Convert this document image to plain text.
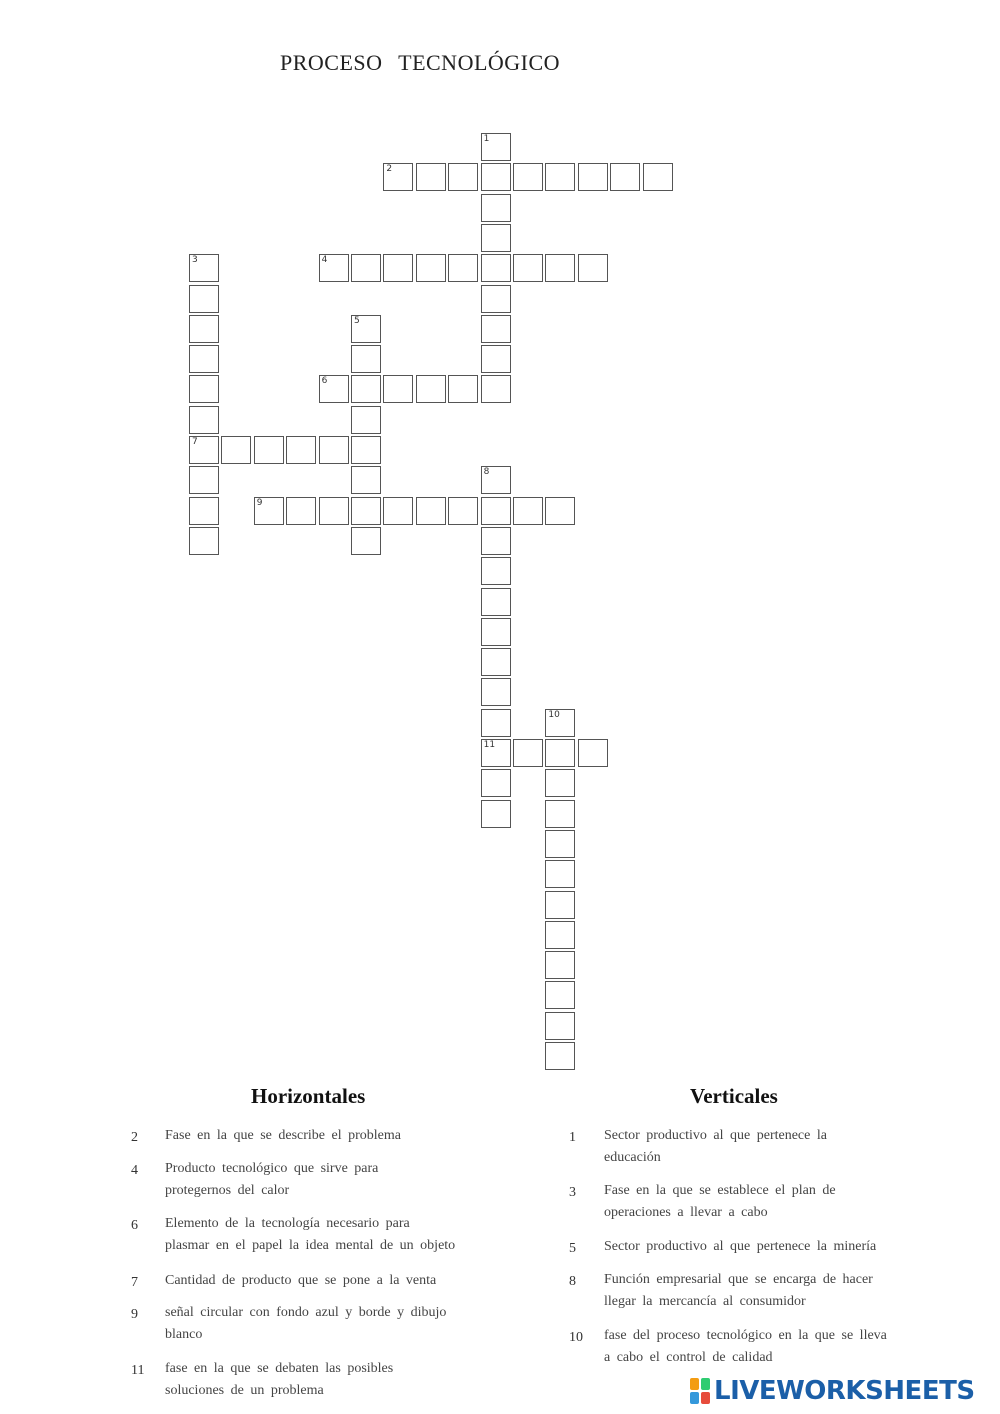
PROCESO TECNOLÓGICO
1
2
3	4
5
6
7
8
9
10
11
Horizontales	Verticales
2 Fase en la que se describe el problema
4 Producto tecnológico que sirve para
protegernos del calor
6 Elemento de la tecnología necesario para
plasmar en el papel la idea mental de un objeto
7 Cantidad de producto que se pone a la venta
9 señal circular con fondo azul y borde y dibujo
blanco
11 fase en la que se debaten las posibles
soluciones de un problema
1 Sector productivo al que pertenece la
educación
3 Fase en la que se establece el plan de
operaciones a llevar a cabo
5 Sector productivo al que pertenece la minería
8 Función empresarial que se encarga de hacer
llegar la mercancía al consumidor
10 fase del proceso tecnológico en la que se lleva
a cabo el control de calidad
LIVEWORKSHEETS
